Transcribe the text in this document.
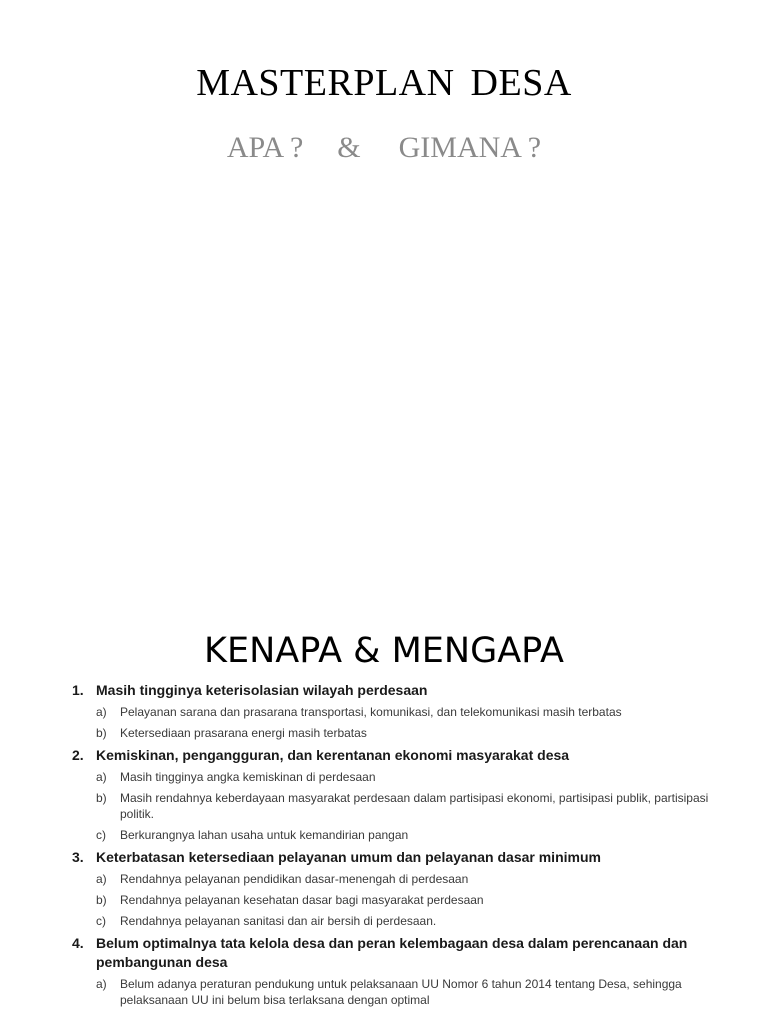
MASTERPLAN DESA
APA ? & GIMANA ?
KENAPA & MENGAPA
1. Masih tingginya keterisolasian wilayah perdesaan
a)	Pelayanan sarana dan prasarana transportasi, komunikasi, dan telekomunikasi masih terbatas
b)	Ketersediaan prasarana energi masih terbatas
2. Kemiskinan, pengangguran, dan kerentanan ekonomi masyarakat desa
a)	Masih tingginya angka kemiskinan di perdesaan
b)	Masih rendahnya keberdayaan masyarakat perdesaan dalam partisipasi ekonomi, partisipasi publik, partisipasi politik.
c)	Berkurangnya lahan usaha untuk kemandirian pangan
3. Keterbatasan ketersediaan pelayanan umum dan pelayanan dasar minimum
a)	Rendahnya pelayanan pendidikan dasar-menengah di perdesaan
b)	Rendahnya pelayanan kesehatan dasar bagi masyarakat perdesaan
c)	Rendahnya pelayanan sanitasi dan air bersih di perdesaan.
4. Belum optimalnya tata kelola desa dan peran kelembagaan desa dalam perencanaan dan pembangunan desa
a)	Belum adanya peraturan pendukung untuk pelaksanaan UU Nomor 6 tahun 2014 tentang Desa, sehingga pelaksanaan UU ini belum bisa terlaksana dengan optimal
